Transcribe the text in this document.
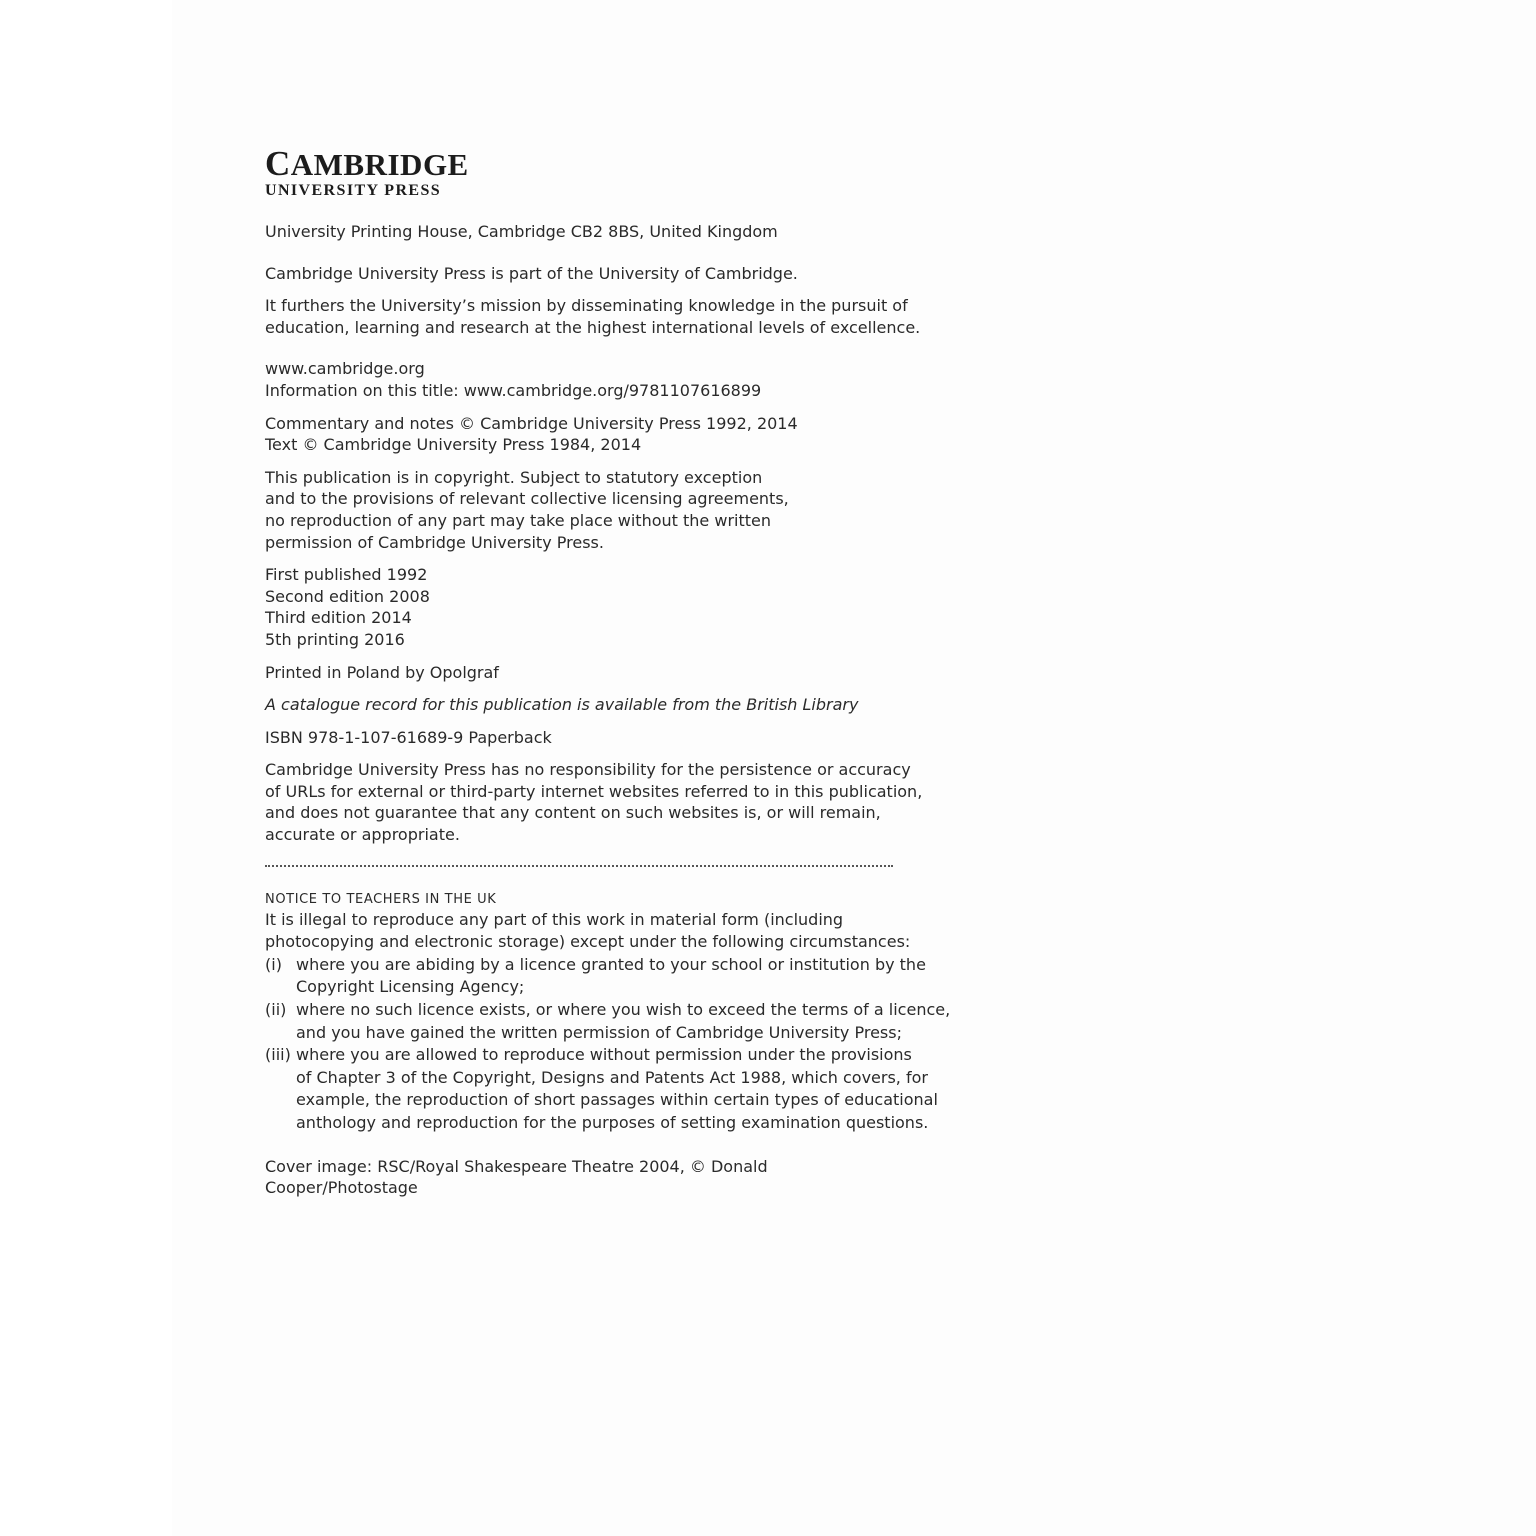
CAMBRIDGE
UNIVERSITY PRESS

University Printing House, Cambridge CB2 8BS, United Kingdom

Cambridge University Press is part of the University of Cambridge.

It furthers the University’s mission by disseminating knowledge in the pursuit of
education, learning and research at the highest international levels of excellence.

www.cambridge.org
Information on this title: www.cambridge.org/9781107616899

Commentary and notes © Cambridge University Press 1992, 2014
Text © Cambridge University Press 1984, 2014

This publication is in copyright. Subject to statutory exception
and to the provisions of relevant collective licensing agreements,
no reproduction of any part may take place without the written
permission of Cambridge University Press.

First published 1992
Second edition 2008
Third edition 2014
5th printing 2016

Printed in Poland by Opolgraf

A catalogue record for this publication is available from the British Library

ISBN 978-1-107-61689-9 Paperback

Cambridge University Press has no responsibility for the persistence or accuracy
of URLs for external or third-party internet websites referred to in this publication,
and does not guarantee that any content on such websites is, or will remain,
accurate or appropriate.

NOTICE TO TEACHERS IN THE UK
It is illegal to reproduce any part of this work in material form (including
photocopying and electronic storage) except under the following circumstances:
(i) where you are abiding by a licence granted to your school or institution by the
Copyright Licensing Agency;
(ii) where no such licence exists, or where you wish to exceed the terms of a licence,
and you have gained the written permission of Cambridge University Press;
(iii) where you are allowed to reproduce without permission under the provisions
of Chapter 3 of the Copyright, Designs and Patents Act 1988, which covers, for
example, the reproduction of short passages within certain types of educational
anthology and reproduction for the purposes of setting examination questions.

Cover image: RSC/Royal Shakespeare Theatre 2004, © Donald Cooper/Photostage
